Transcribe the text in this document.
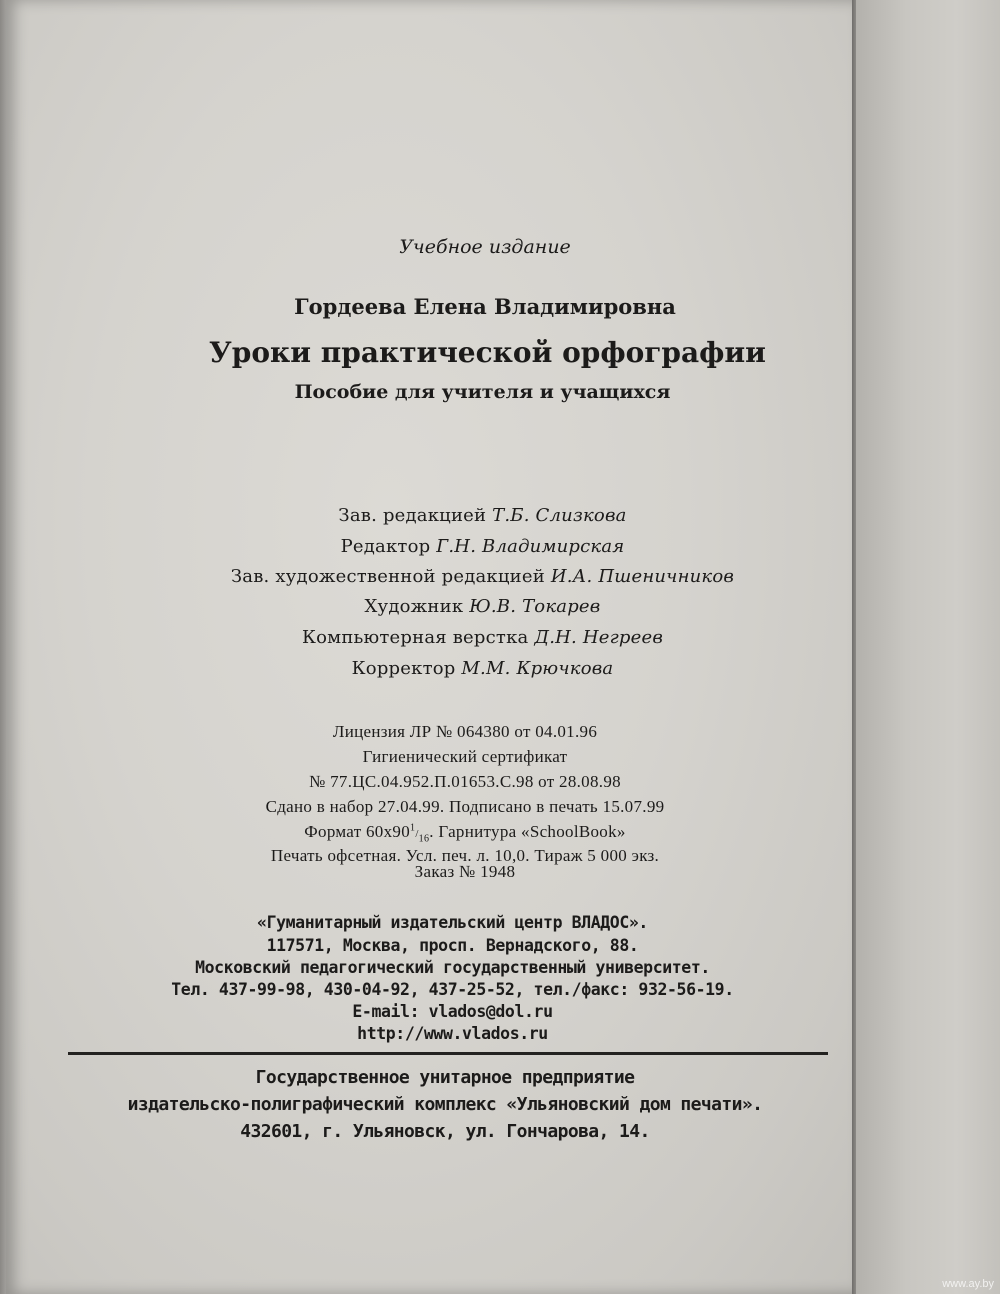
Учебное издание

Гордеева Елена Владимировна

Уроки практической орфографии

Пособие для учителя и учащихся

Зав. редакцией Т.Б. Слизкова

Редактор Г.Н. Владимирская

Зав. художественной редакцией И.А. Пшеничников

Художник Ю.В. Токарев

Компьютерная верстка Д.Н. Негреев

Корректор М.М. Крючкова

Лицензия ЛР № 064380 от 04.01.96

Гигиенический сертификат

№ 77.ЦС.04.952.П.01653.С.98 от 28.08.98

Сдано в набор 27.04.99. Подписано в печать 15.07.99

Формат $60х90^1/_{16}$. Гарнитура «SchoolBook»

Печать офсетная. Усл. печ. л. 10,0. Тираж 5 000 экз.

Заказ № 1948

«Гуманитарный издательский центр ВЛАДОС».

117571, Москва, просп. Вернадского, 88.

Московский педагогический государственный университет.

Тел. 437-99-98, 430-04-92, 437-25-52, тел./факс: 932-56-19.

E-mail: vlados@dol.ru

http://www.vlados.ru

Государственное унитарное предприятие

издательско-полиграфический комплекс «Ульяновский дом печати».

432601, г. Ульяновск, ул. Гончарова, 14.

www.ay.by
